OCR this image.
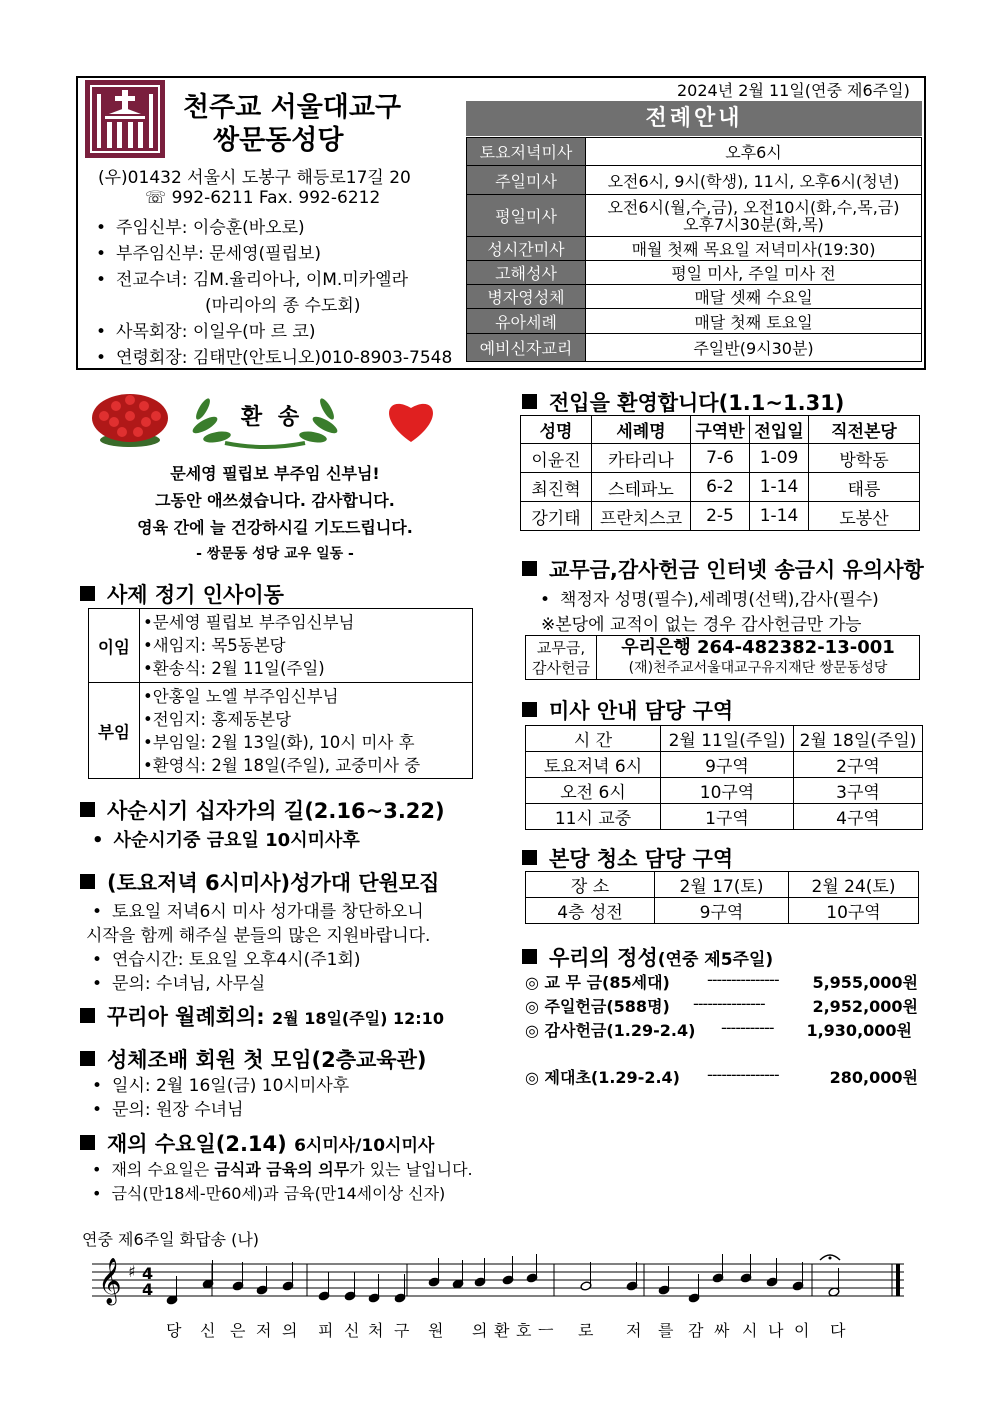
천주교 서울대교구
쌍문동성당
(우)01432 서울시 도봉구 해등로17길 20
☏ 992-6211 Fax. 992-6212
• 주임신부: 이승훈(바오로)
• 부주임신부: 문세영(필립보)
• 전교수녀: 김M.율리아나, 이M.미카엘라
(마리아의 종 수도회)
• 사목회장: 이일우(마 르 코)
• 연령회장: 김태만(안토니오)010-8903-7548
2024년 2월 11일(연중 제6주일)
전례안내
토요저녁미사	오후6시
주일미사	오전6시, 9시(학생), 11시, 오후6시(청년)
평일미사	오전6시(월,수,금), 오전10시(화,수,목,금)
오후7시30분(화,목)

성시간미사	매월 첫째 목요일 저녁미사(19:30)
고해성사	평일 미사, 주일 미사 전
병자영성체	매달 셋째 수요일
유아세례	매달 첫째 토요일
예비신자교리	주일반(9시30분)
환 송
문세영 필립보 부주임 신부님!
그동안 애쓰셨습니다. 감사합니다.
영육 간에 늘 건강하시길 기도드립니다.
- 쌍문동 성당 교우 일동 -
사제 정기 인사이동
이임	•문세영 필립보 부주임신부님
•새임지: 목5동본당
•환송식: 2월 11일(주일)

부임	•안홍일 노엘 부주임신부님
•전임지: 홍제동본당
•부임일: 2월 13일(화), 10시 미사 후
•환영식: 2월 18일(주일), 교중미사 중
사순시기 십자가의 길(2.16~3.22)
• 사순시기중 금요일 10시미사후
(토요저녁 6시미사)성가대 단원모집
• 토요일 저녁6시 미사 성가대를 창단하오니
시작을 함께 해주실 분들의 많은 지원바랍니다.
• 연습시간: 토요일 오후4시(주1회)
• 문의: 수녀님, 사무실
꾸리아 월례회의: 2월 18일(주일) 12:10
성체조배 회원 첫 모임(2층교육관)
• 일시: 2월 16일(금) 10시미사후
• 문의: 원장 수녀님
재의 수요일(2.14) 6시미사/10시미사
• 재의 수요일은 금식과 금육의 의무가 있는 날입니다.
• 금식(만18세-만60세)과 금육(만14세이상 신자)
전입을 환영합니다(1.1~1.31)
성명	세례명	구역반	전입일	직전본당
이윤진	카타리나	7-6	1-09	방학동
최진혁	스테파노	6-2	1-14	태릉
강기태	프란치스코	2-5	1-14	도봉산
교무금,감사헌금 인터넷 송금시 유의사항
• 책정자 성명(필수),세례명(선택),감사(필수)
※본당에 교적이 없는 경우 감사헌금만 가능
교무금,
감사헌금

우리은행 264-482382-13-001
(재)천주교서울대교구유지재단 쌍문동성당
미사 안내 담당 구역
시 간	2월 11일(주일)	2월 18일(주일)
토요저녁 6시	9구역	2구역
오전 6시	10구역	3구역
11시 교중	1구역	4구역
본당 청소 담당 구역
장 소	2월 17(토)	2월 24(토)
4층 성전	9구역	10구역
우리의 정성(연중 제5주일)
◎ 교 무 금(85세대) --------------- 5,955,000원
◎ 주일헌금(588명) ---------------	2,952,000원
◎ 감사헌금(1.29-2.4) ----------- 1,930,000원
◎ 제대초(1.29-2.4) ---------------	280,000원
연중 제6주일 화답송 (나)
𝄞 ♯ 4
4
당 신 은 저 의 피 신 처 구 원 의 환 호 ㅡ 로 저 를 감 싸 시 나 이 다
